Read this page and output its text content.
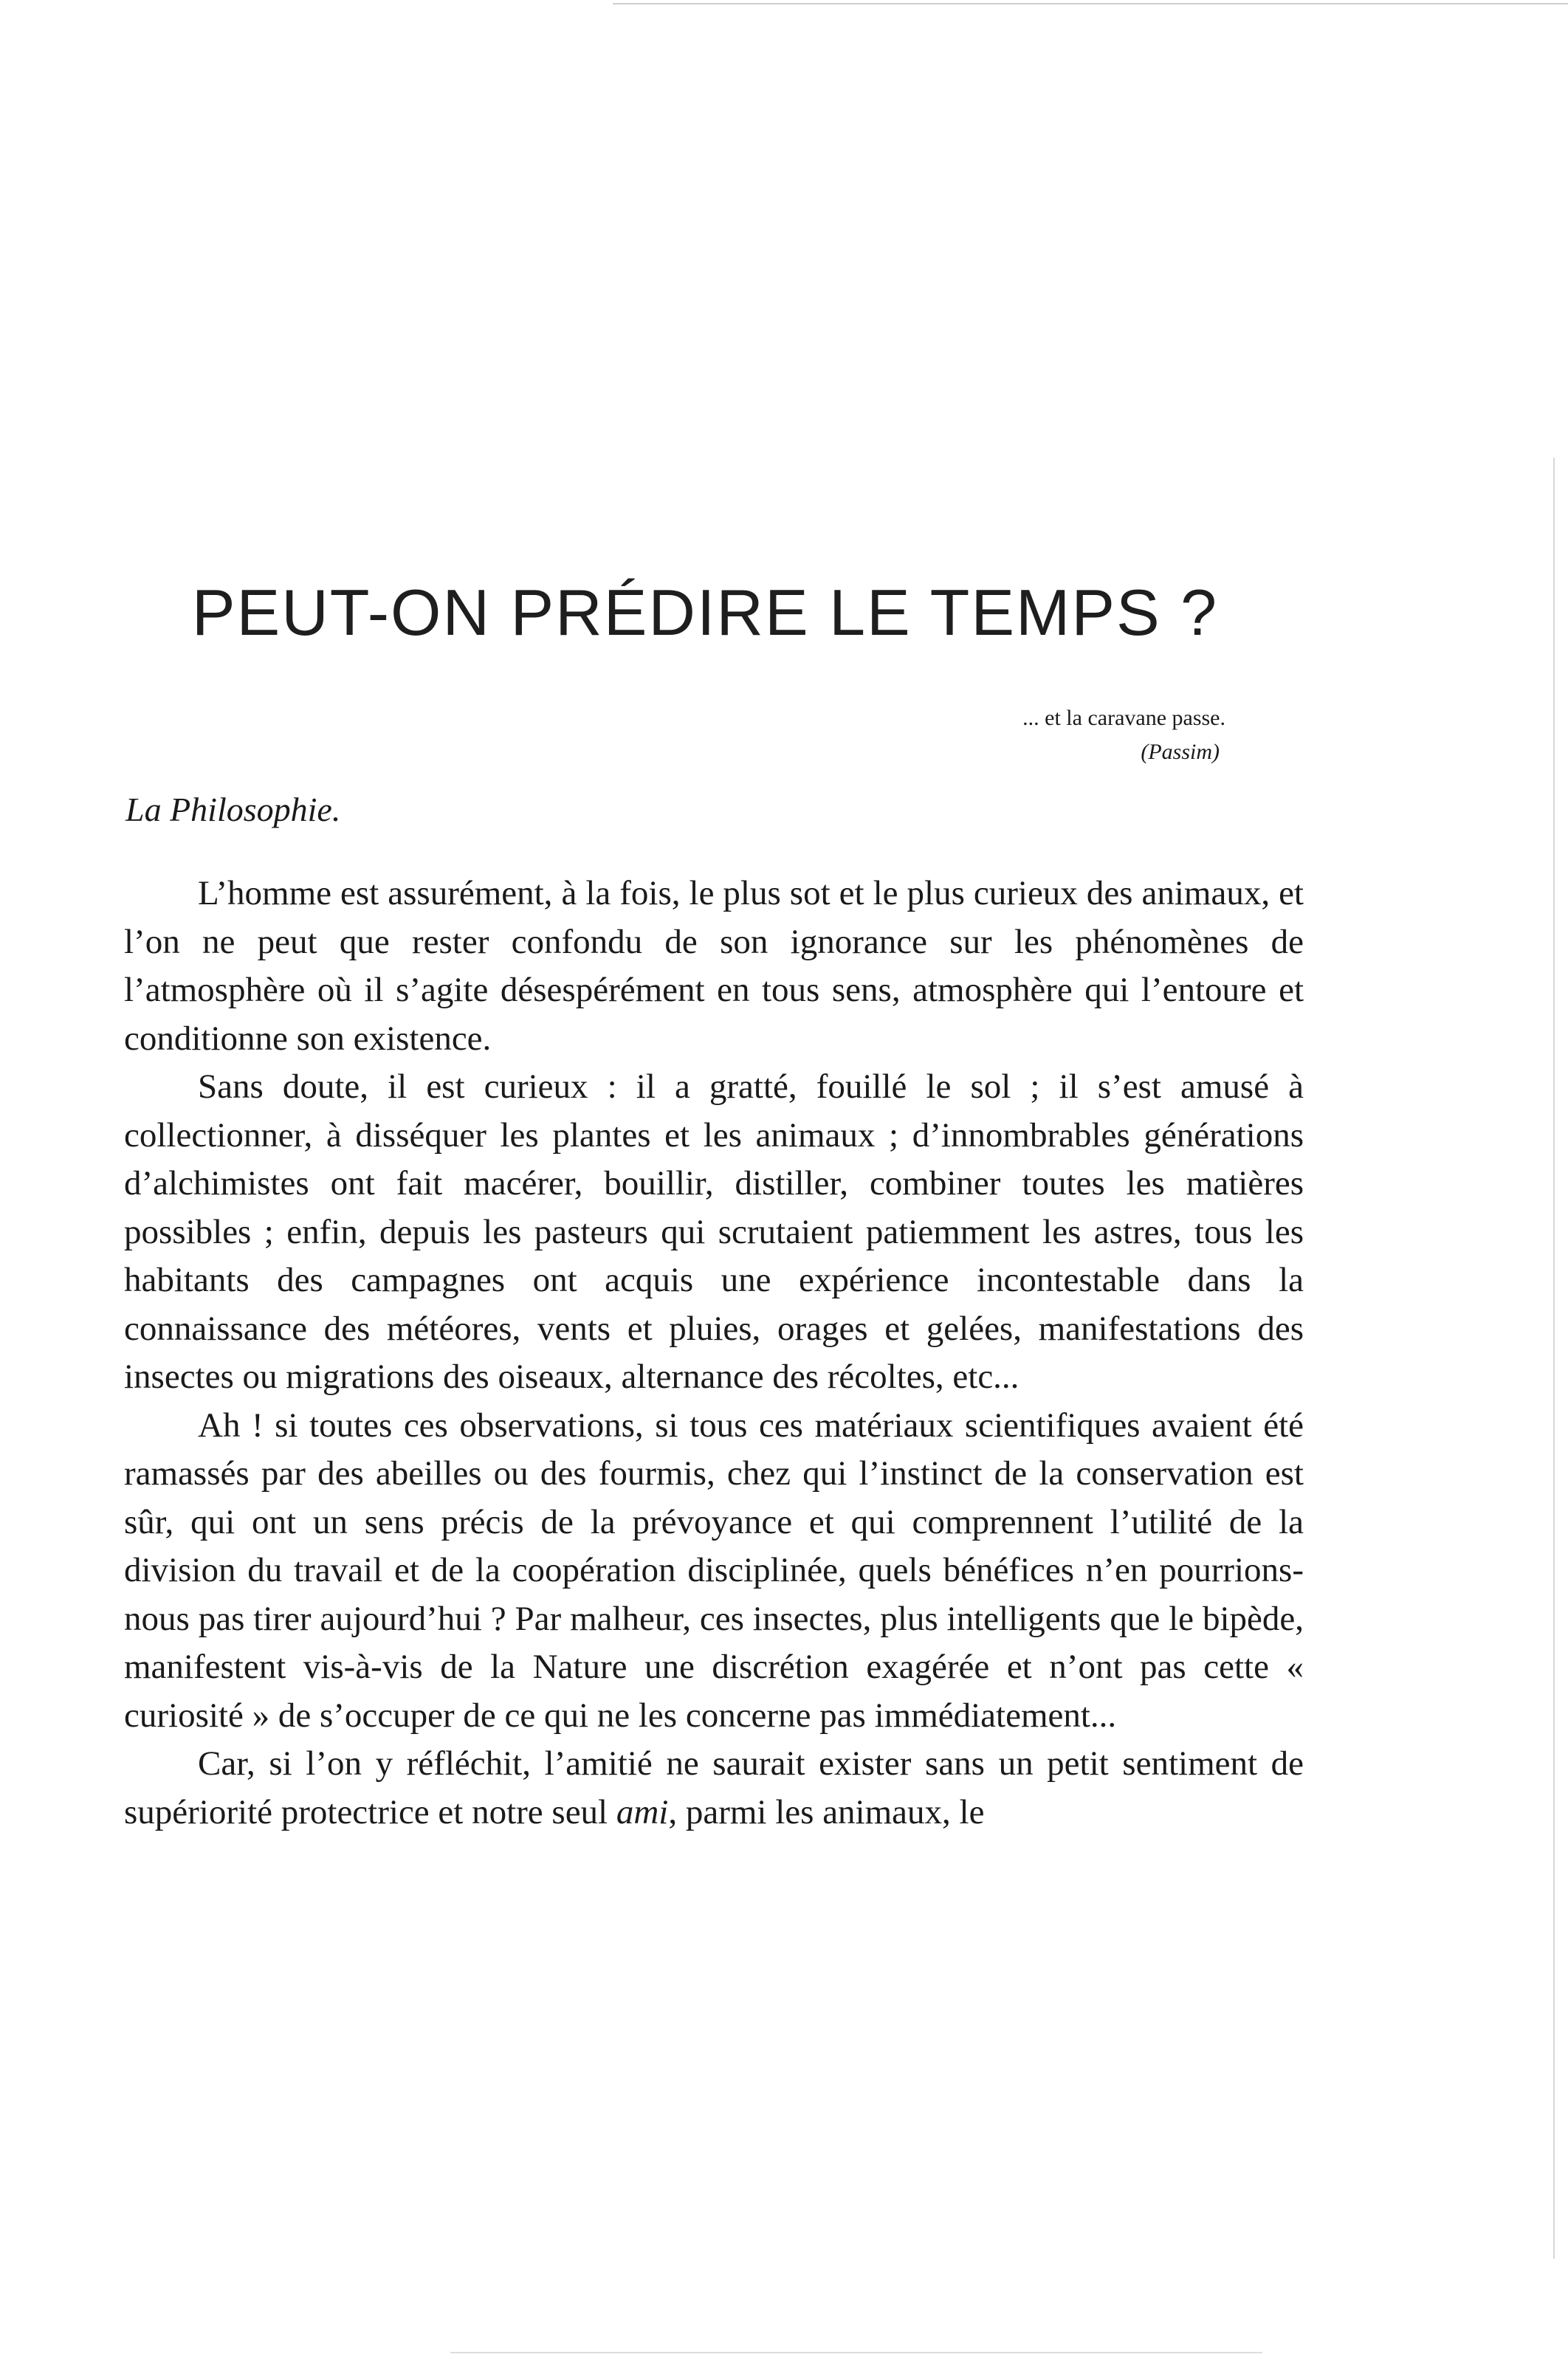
PEUT-ON PRÉDIRE LE TEMPS ?
... et la caravane passe.
(Passim)
La Philosophie.

L’homme est assurément, à la fois, le plus sot et le plus curieux des animaux, et l’on ne peut que rester confondu de son ignorance sur les phénomènes de l’atmosphère où il s’agite désespérément en tous sens, atmosphère qui l’entoure et conditionne son existence.

Sans doute, il est curieux : il a gratté, fouillé le sol ; il s’est amusé à collectionner, à disséquer les plantes et les animaux ; d’innombrables générations d’alchimistes ont fait macérer, bouillir, distiller, combiner toutes les matières possibles ; enfin, depuis les pasteurs qui scrutaient patiemment les astres, tous les habitants des campagnes ont acquis une expérience incontestable dans la connaissance des météores, vents et pluies, orages et gelées, manifestations des insectes ou migrations des oiseaux, alternance des récoltes, etc...

Ah ! si toutes ces observations, si tous ces matériaux scientifiques avaient été ramassés par des abeilles ou des fourmis, chez qui l’instinct de la conservation est sûr, qui ont un sens précis de la prévoyance et qui comprennent l’utilité de la division du travail et de la coopération disciplinée, quels bénéfices n’en pourrions-nous pas tirer aujourd’hui ? Par malheur, ces insectes, plus intelligents que le bipède, manifestent vis-à-vis de la Nature une discrétion exagérée et n’ont pas cette « curiosité » de s’occuper de ce qui ne les concerne pas immédiatement...

Car, si l’on y réfléchit, l’amitié ne saurait exister sans un petit sentiment de supériorité protectrice et notre seul ami, parmi les animaux, le
